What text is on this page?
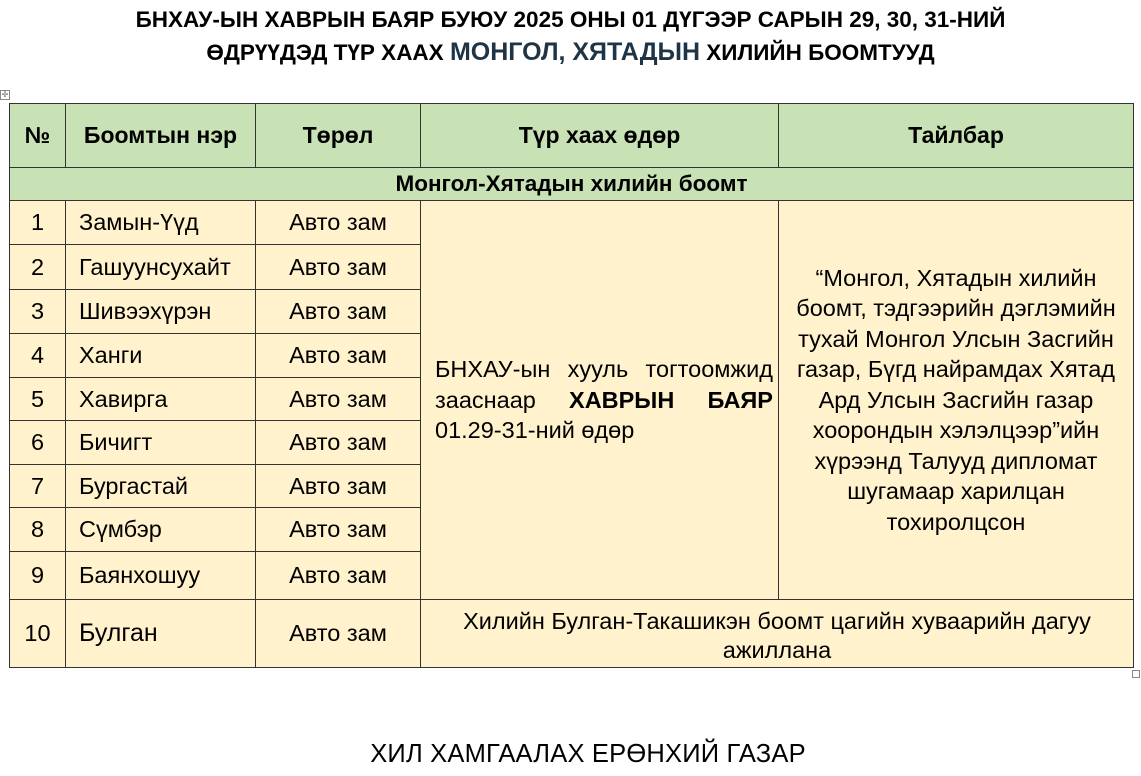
БНХАУ-ЫН ХАВРЫН БАЯР БУЮУ 2025 ОНЫ 01 ДҮГЭЭР САРЫН 29, 30, 31-НИЙ
ӨДРҮҮДЭД ТҮР ХААХ МОНГОЛ, ХЯТАДЫН ХИЛИЙН БООМТУУД
✢
№	Боомтын нэр	Төрөл	Түр хаах өдөр	Тайлбар
Монгол-Хятадын хилийн боомт				
1	Замын-Үүд	Авто зам	БНХАУ-ын хууль тогтоомжид зааснаар ХАВРЫН БАЯР 01.29-31-ний өдөр	“Монгол, Хятадын хилийн боомт, тэдгээрийн дэглэмийн тухай Монгол Улсын Засгийн газар, Бүгд найрамдах Хятад Ард Улсын Засгийн газар хоорондын хэлэлцээр”ийн хүрээнд Талууд дипломат шугамаар харилцан тохиролцсон
2	Гашуунсухайт	Авто зам		
3	Шивээхүрэн	Авто зам		
4	Ханги	Авто зам		
5	Хавирга	Авто зам		
6	Бичигт	Авто зам		
7	Бургастай	Авто зам		
8	Сүмбэр	Авто зам		
9	Баянхошуу	Авто зам		
10	Булган	Авто зам	Хилийн Булган-Такашикэн боомт цагийн хуваарийн дагуу ажиллана	
ХИЛ ХАМГААЛАХ ЕРӨНХИЙ ГАЗАР
